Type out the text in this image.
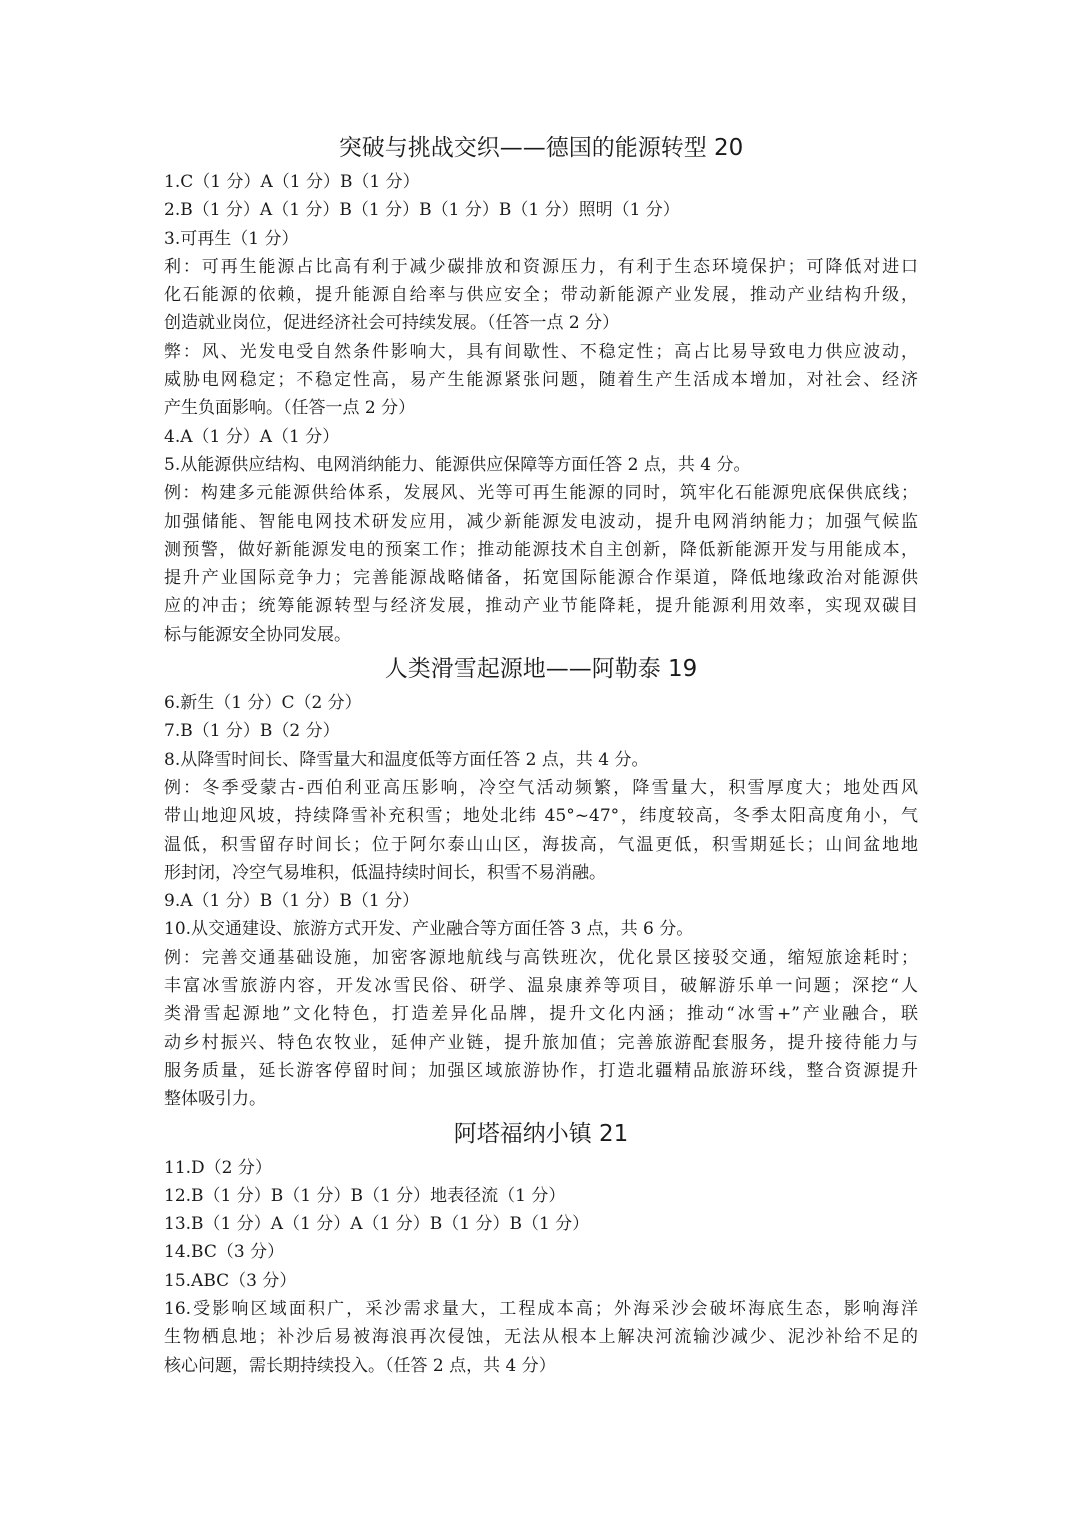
突破与挑战交织——德国的能源转型 20
1.C（1 分）A（1 分）B（1 分）
2.B（1 分）A（1 分）B（1 分）B（1 分）B（1 分）照明（1 分）
3.可再生（1 分）
利：可再生能源占比高有利于减少碳排放和资源压力，有利于生态环境保护；可降低对进口
化石能源的依赖，提升能源自给率与供应安全；带动新能源产业发展，推动产业结构升级，
创造就业岗位，促进经济社会可持续发展。（任答一点 2 分）
弊：风、光发电受自然条件影响大，具有间歇性、不稳定性；高占比易导致电力供应波动，
威胁电网稳定；不稳定性高，易产生能源紧张问题，随着生产生活成本增加，对社会、经济
产生负面影响。（任答一点 2 分）
4.A（1 分）A（1 分）
5.从能源供应结构、电网消纳能力、能源供应保障等方面任答 2 点，共 4 分。
例：构建多元能源供给体系，发展风、光等可再生能源的同时，筑牢化石能源兜底保供底线；
加强储能、智能电网技术研发应用，减少新能源发电波动，提升电网消纳能力；加强气候监
测预警，做好新能源发电的预案工作；推动能源技术自主创新，降低新能源开发与用能成本，
提升产业国际竞争力；完善能源战略储备，拓宽国际能源合作渠道，降低地缘政治对能源供
应的冲击；统筹能源转型与经济发展，推动产业节能降耗，提升能源利用效率，实现双碳目
标与能源安全协同发展。
人类滑雪起源地——阿勒泰 19
6.新生（1 分）C（2 分）
7.B（1 分）B（2 分）
8.从降雪时间长、降雪量大和温度低等方面任答 2 点，共 4 分。
例：冬季受蒙古-西伯利亚高压影响，冷空气活动频繁，降雪量大，积雪厚度大；地处西风
带山地迎风坡，持续降雪补充积雪；地处北纬 45°~47°，纬度较高，冬季太阳高度角小，气
温低，积雪留存时间长；位于阿尔泰山山区，海拔高，气温更低，积雪期延长；山间盆地地
形封闭，冷空气易堆积，低温持续时间长，积雪不易消融。
9.A（1 分）B（1 分）B（1 分）
10.从交通建设、旅游方式开发、产业融合等方面任答 3 点，共 6 分。
例：完善交通基础设施，加密客源地航线与高铁班次，优化景区接驳交通，缩短旅途耗时；
丰富冰雪旅游内容，开发冰雪民俗、研学、温泉康养等项目，破解游乐单一问题；深挖“人
类滑雪起源地”文化特色，打造差异化品牌，提升文化内涵；推动“冰雪+”产业融合，联
动乡村振兴、特色农牧业，延伸产业链，提升旅加值；完善旅游配套服务，提升接待能力与
服务质量，延长游客停留时间；加强区域旅游协作，打造北疆精品旅游环线，整合资源提升
整体吸引力。
阿塔福纳小镇 21
11.D（2 分）
12.B（1 分）B（1 分）B（1 分）地表径流（1 分）
13.B（1 分）A（1 分）A（1 分）B（1 分）B（1 分）
14.BC（3 分）
15.ABC（3 分）
16.受影响区域面积广，采沙需求量大，工程成本高；外海采沙会破坏海底生态，影响海洋
生物栖息地；补沙后易被海浪再次侵蚀，无法从根本上解决河流输沙减少、泥沙补给不足的
核心问题，需长期持续投入。（任答 2 点，共 4 分）
